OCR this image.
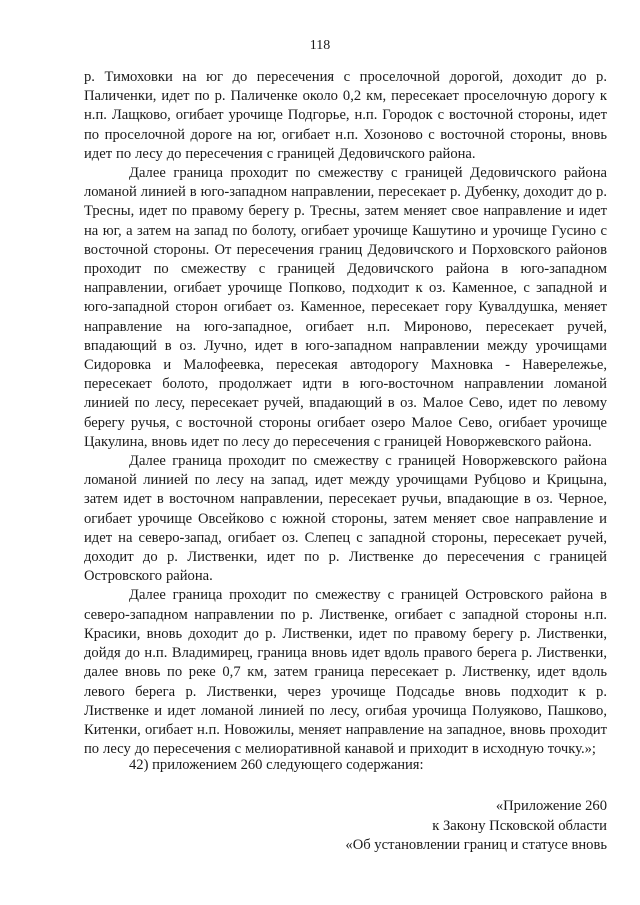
118

р. Тимоховки на юг до пересечения с проселочной дорогой, доходит до р. Паличенки, идет по р. Паличенке около 0,2 км, пересекает проселочную дорогу к н.п. Лащково, огибает урочище Подгорье, н.п. Городок с восточной стороны, идет по проселочной дороге на юг, огибает н.п. Хозоново с восточной стороны, вновь идет по лесу до пересечения с границей Дедовичского района.

Далее граница проходит по смежеству с границей Дедовичского района ломаной линией в юго-западном направлении, пересекает р. Дубенку, доходит до р. Тресны, идет по правому берегу р. Тресны, затем меняет свое направление и идет на юг, а затем на запад по болоту, огибает урочище Кашутино и урочище Гусино с восточной стороны. От пересечения границ Дедовичского и Порховского районов проходит по смежеству с границей Дедовичского района в юго-западном направлении, огибает урочище Попково, подходит к оз. Каменное, с западной и юго-западной сторон огибает оз. Каменное, пересекает гору Кувалдушка, меняет направление на юго-западное, огибает н.п. Мироново, пересекает ручей, впадающий в оз. Лучно, идет в юго-западном направлении между урочищами Сидоровка и Малофеевка, пересекая автодорогу Махновка - Наверележье, пересекает болото, продолжает идти в юго-восточном направлении ломаной линией по лесу, пересекает ручей, впадающий в оз. Малое Сево, идет по левому берегу ручья, с восточной стороны огибает озеро Малое Сево, огибает урочище Цакулина, вновь идет по лесу до пересечения с границей Новоржевского района.

Далее граница проходит по смежеству с границей Новоржевского района ломаной линией по лесу на запад, идет между урочищами Рубцово и Крицына, затем идет в восточном направлении, пересекает ручьи, впадающие в оз. Черное, огибает урочище Овсейково с южной стороны, затем меняет свое направление и идет на северо-запад, огибает оз. Слепец с западной стороны, пересекает ручей, доходит до р. Лиственки, идет по р. Лиственке до пересечения с границей Островского района.

Далее граница проходит по смежеству с границей Островского района в северо-западном направлении по р. Лиственке, огибает с западной стороны н.п. Красики, вновь доходит до р. Лиственки, идет по правому берегу р. Лиственки, дойдя до н.п. Владимирец, граница вновь идет вдоль правого берега р. Лиственки, далее вновь по реке 0,7 км, затем граница пересекает р. Лиственку, идет вдоль левого берега р. Лиственки, через урочище Подсадье вновь подходит к р. Лиственке и идет ломаной линией по лесу, огибая урочища Полуяково, Пашково, Китенки, огибает н.п. Новожилы, меняет направление на западное, вновь проходит по лесу до пересечения с мелиоративной канавой и приходит в исходную точку.»;

42) приложением 260 следующего содержания:
«Приложение 260
к Закону Псковской области
«Об установлении границ и статусе вновь
